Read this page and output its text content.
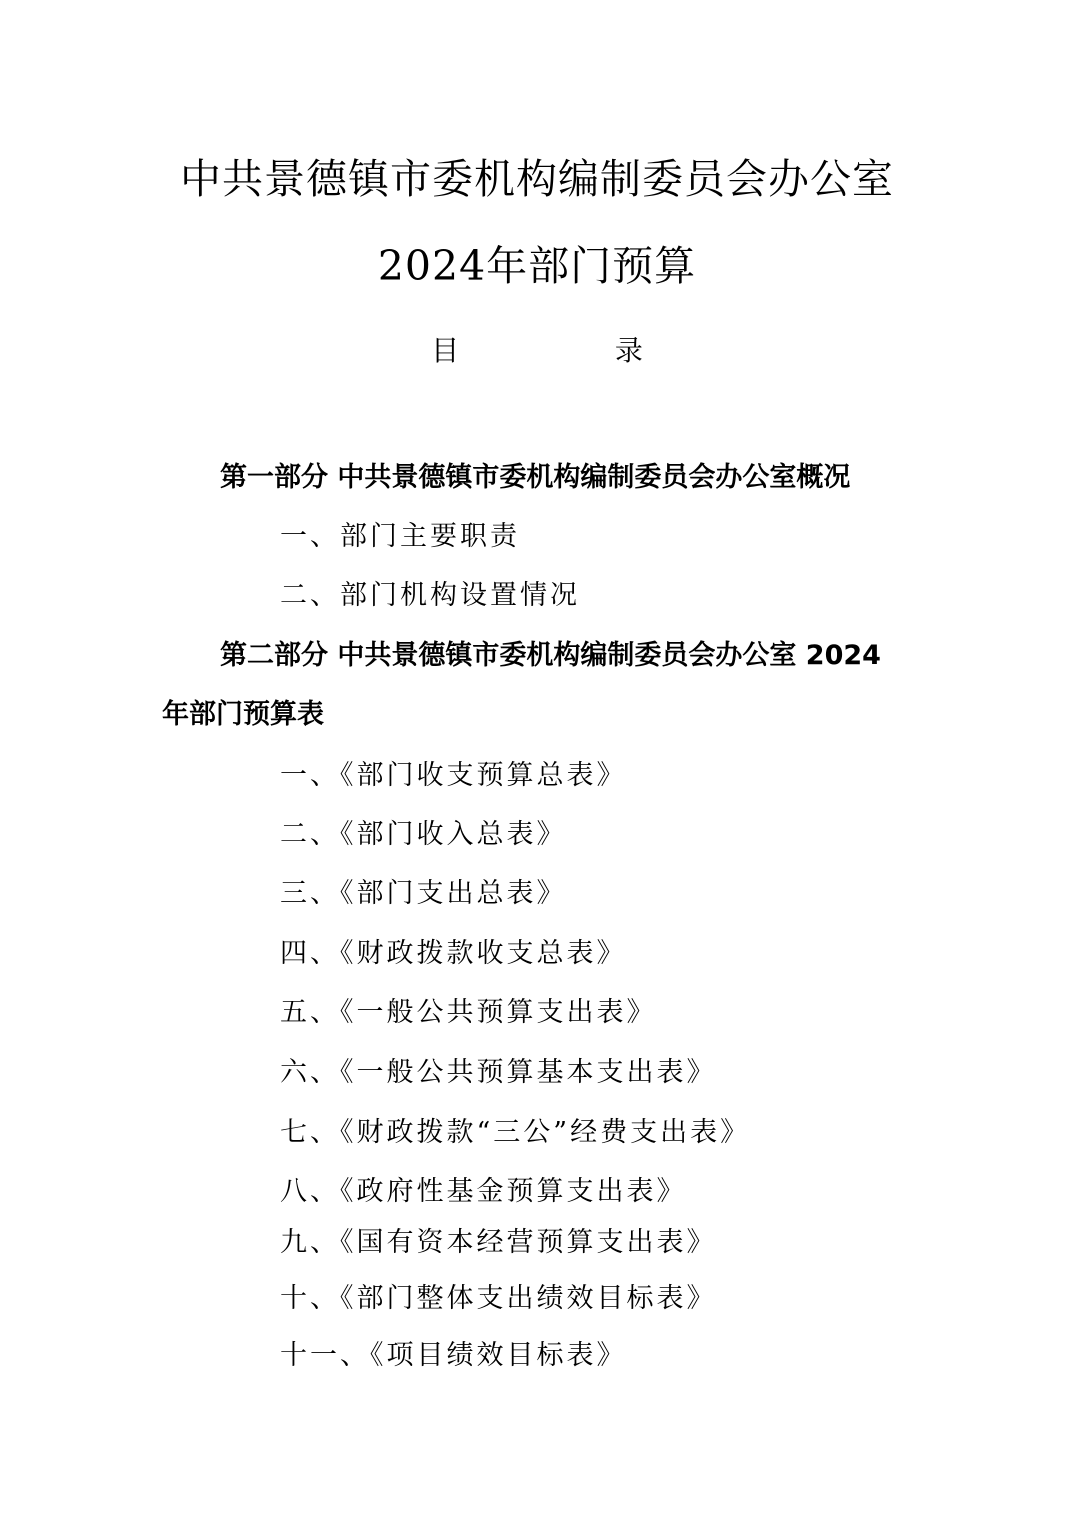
中共景德镇市委机构编制委员会办公室
2024年部门预算
目	录
第一部分 中共景德镇市委机构编制委员会办公室概况
一、部门主要职责
二、部门机构设置情况
第二部分 中共景德镇市委机构编制委员会办公室 2024
年部门预算表
一、《部门收支预算总表》
二、《部门收入总表》
三、《部门支出总表》
四、《财政拨款收支总表》
五、《一般公共预算支出表》
六、《一般公共预算基本支出表》
七、《财政拨款“三公”经费支出表》
八、《政府性基金预算支出表》
九、《国有资本经营预算支出表》
十、《部门整体支出绩效目标表》
十一、《项目绩效目标表》
